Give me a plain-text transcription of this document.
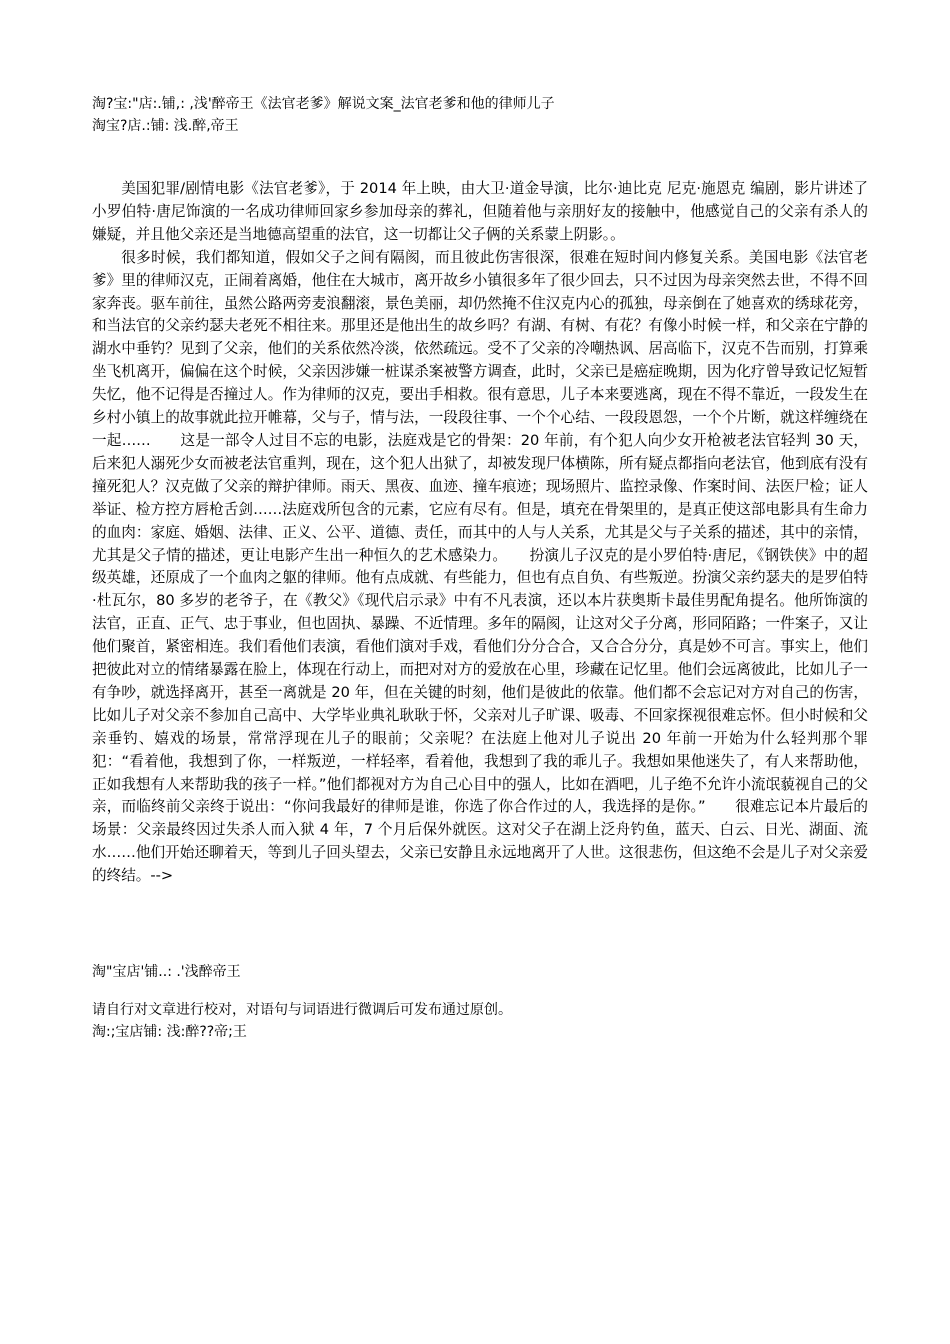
淘?宝:"店:.铺,: ,浅'醉帝王《法官老爹》解说文案_法官老爹和他的律师儿子
淘宝?店.:铺: 浅.醉,帝王

美国犯罪/剧情电影《法官老爹》，于 2014 年上映，由大卫·道金导演，比尔·迪比克 尼克·施恩克 编剧，影片讲述了小罗伯特·唐尼饰演的一名成功律师回家乡参加母亲的葬礼，但随着他与亲朋好友的接触中，他感觉自己的父亲有杀人的嫌疑，并且他父亲还是当地德高望重的法官，这一切都让父子俩的关系蒙上阴影。。

很多时候，我们都知道，假如父子之间有隔阂，而且彼此伤害很深，很难在短时间内修复关系。美国电影《法官老爹》里的律师汉克，正闹着离婚，他住在大城市，离开故乡小镇很多年了很少回去，只不过因为母亲突然去世，不得不回家奔丧。驱车前往，虽然公路两旁麦浪翻滚，景色美丽，却仍然掩不住汉克内心的孤独，母亲倒在了她喜欢的绣球花旁，和当法官的父亲约瑟夫老死不相往来。那里还是他出生的故乡吗？有湖、有树、有花？有像小时候一样，和父亲在宁静的湖水中垂钓？见到了父亲，他们的关系依然冷淡，依然疏远。受不了父亲的冷嘲热讽、居高临下，汉克不告而别，打算乘坐飞机离开，偏偏在这个时候，父亲因涉嫌一桩谋杀案被警方调查，此时，父亲已是癌症晚期，因为化疗曾导致记忆短暂失忆，他不记得是否撞过人。作为律师的汉克，要出手相救。很有意思，儿子本来要逃离，现在不得不靠近，一段发生在乡村小镇上的故事就此拉开帷幕，父与子，情与法，一段段往事、一个个心结、一段段恩怨，一个个片断，就这样缠绕在一起……　　这是一部令人过目不忘的电影，法庭戏是它的骨架：20 年前，有个犯人向少女开枪被老法官轻判 30 天，后来犯人溺死少女而被老法官重判，现在，这个犯人出狱了，却被发现尸体横陈，所有疑点都指向老法官，他到底有没有撞死犯人？汉克做了父亲的辩护律师。雨天、黑夜、血迹、撞车痕迹；现场照片、监控录像、作案时间、法医尸检；证人举证、检方控方唇枪舌剑……法庭戏所包含的元素，它应有尽有。但是，填充在骨架里的，是真正使这部电影具有生命力的血肉：家庭、婚姻、法律、正义、公平、道德、责任，而其中的人与人关系，尤其是父与子关系的描述，其中的亲情，尤其是父子情的描述，更让电影产生出一种恒久的艺术感染力。　　扮演儿子汉克的是小罗伯特·唐尼，《钢铁侠》中的超级英雄，还原成了一个血肉之躯的律师。他有点成就、有些能力，但也有点自负、有些叛逆。扮演父亲约瑟夫的是罗伯特·杜瓦尔，80 多岁的老爷子，在《教父》《现代启示录》中有不凡表演，还以本片获奥斯卡最佳男配角提名。他所饰演的法官，正直、正气、忠于事业，但也固执、暴躁、不近情理。多年的隔阂，让这对父子分离，形同陌路；一件案子，又让他们聚首，紧密相连。我们看他们表演，看他们演对手戏，看他们分分合合，又合合分分，真是妙不可言。事实上，他们把彼此对立的情绪暴露在脸上，体现在行动上，而把对对方的爱放在心里，珍藏在记忆里。他们会远离彼此，比如儿子一有争吵，就选择离开，甚至一离就是 20 年，但在关键的时刻，他们是彼此的依靠。他们都不会忘记对方对自己的伤害，比如儿子对父亲不参加自己高中、大学毕业典礼耿耿于怀，父亲对儿子旷课、吸毒、不回家探视很难忘怀。但小时候和父亲垂钓、嬉戏的场景，常常浮现在儿子的眼前；父亲呢？在法庭上他对儿子说出 20 年前一开始为什么轻判那个罪犯：“看着他，我想到了你，一样叛逆，一样轻率，看着他，我想到了我的乖儿子。我想如果他迷失了，有人来帮助他，正如我想有人来帮助我的孩子一样。”他们都视对方为自己心目中的强人，比如在酒吧，儿子绝不允许小流氓藐视自己的父亲，而临终前父亲终于说出：“你问我最好的律师是谁，你选了你合作过的人，我选择的是你。”　　很难忘记本片最后的场景：父亲最终因过失杀人而入狱 4 年，7 个月后保外就医。这对父子在湖上泛舟钓鱼，蓝天、白云、日光、湖面、流水……他们开始还聊着天，等到儿子回头望去，父亲已安静且永远地离开了人世。这很悲伤，但这绝不会是儿子对父亲爱的终结。-->

淘"宝店'铺..: .'浅醉帝王
请自行对文章进行校对，对语句与词语进行微调后可发布通过原创。
淘:;宝店铺: 浅:醉??帝;王
